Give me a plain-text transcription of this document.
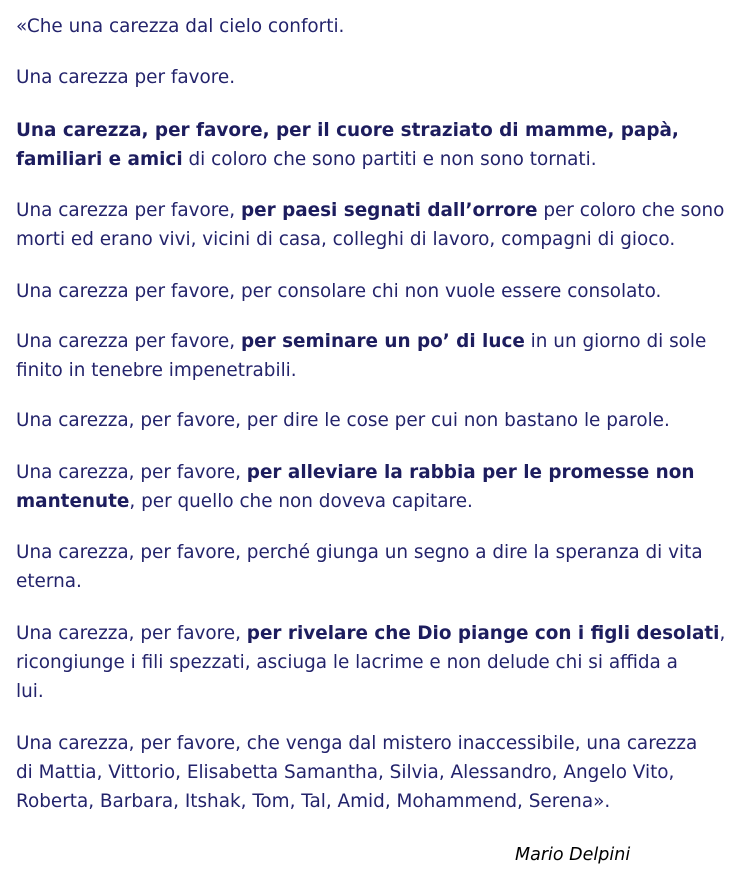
«Che una carezza dal cielo conforti.

Una carezza per favore.

Una carezza, per favore, per il cuore straziato di mamme, papà,
familiari e amici di coloro che sono partiti e non sono tornati.

Una carezza per favore, per paesi segnati dall’orrore per coloro che sono
morti ed erano vivi, vicini di casa, colleghi di lavoro, compagni di gioco.

Una carezza per favore, per consolare chi non vuole essere consolato.

Una carezza per favore, per seminare un po’ di luce in un giorno di sole
finito in tenebre impenetrabili.

Una carezza, per favore, per dire le cose per cui non bastano le parole.

Una carezza, per favore, per alleviare la rabbia per le promesse non
mantenute, per quello che non doveva capitare.

Una carezza, per favore, perché giunga un segno a dire la speranza di vita
eterna.

Una carezza, per favore, per rivelare che Dio piange con i figli desolati,
ricongiunge i fili spezzati, asciuga le lacrime e non delude chi si affida a
lui.

Una carezza, per favore, che venga dal mistero inaccessibile, una carezza
di Mattia, Vittorio, Elisabetta Samantha, Silvia, Alessandro, Angelo Vito,
Roberta, Barbara, Itshak, Tom, Tal, Amid, Mohammend, Serena».

Mario Delpini
